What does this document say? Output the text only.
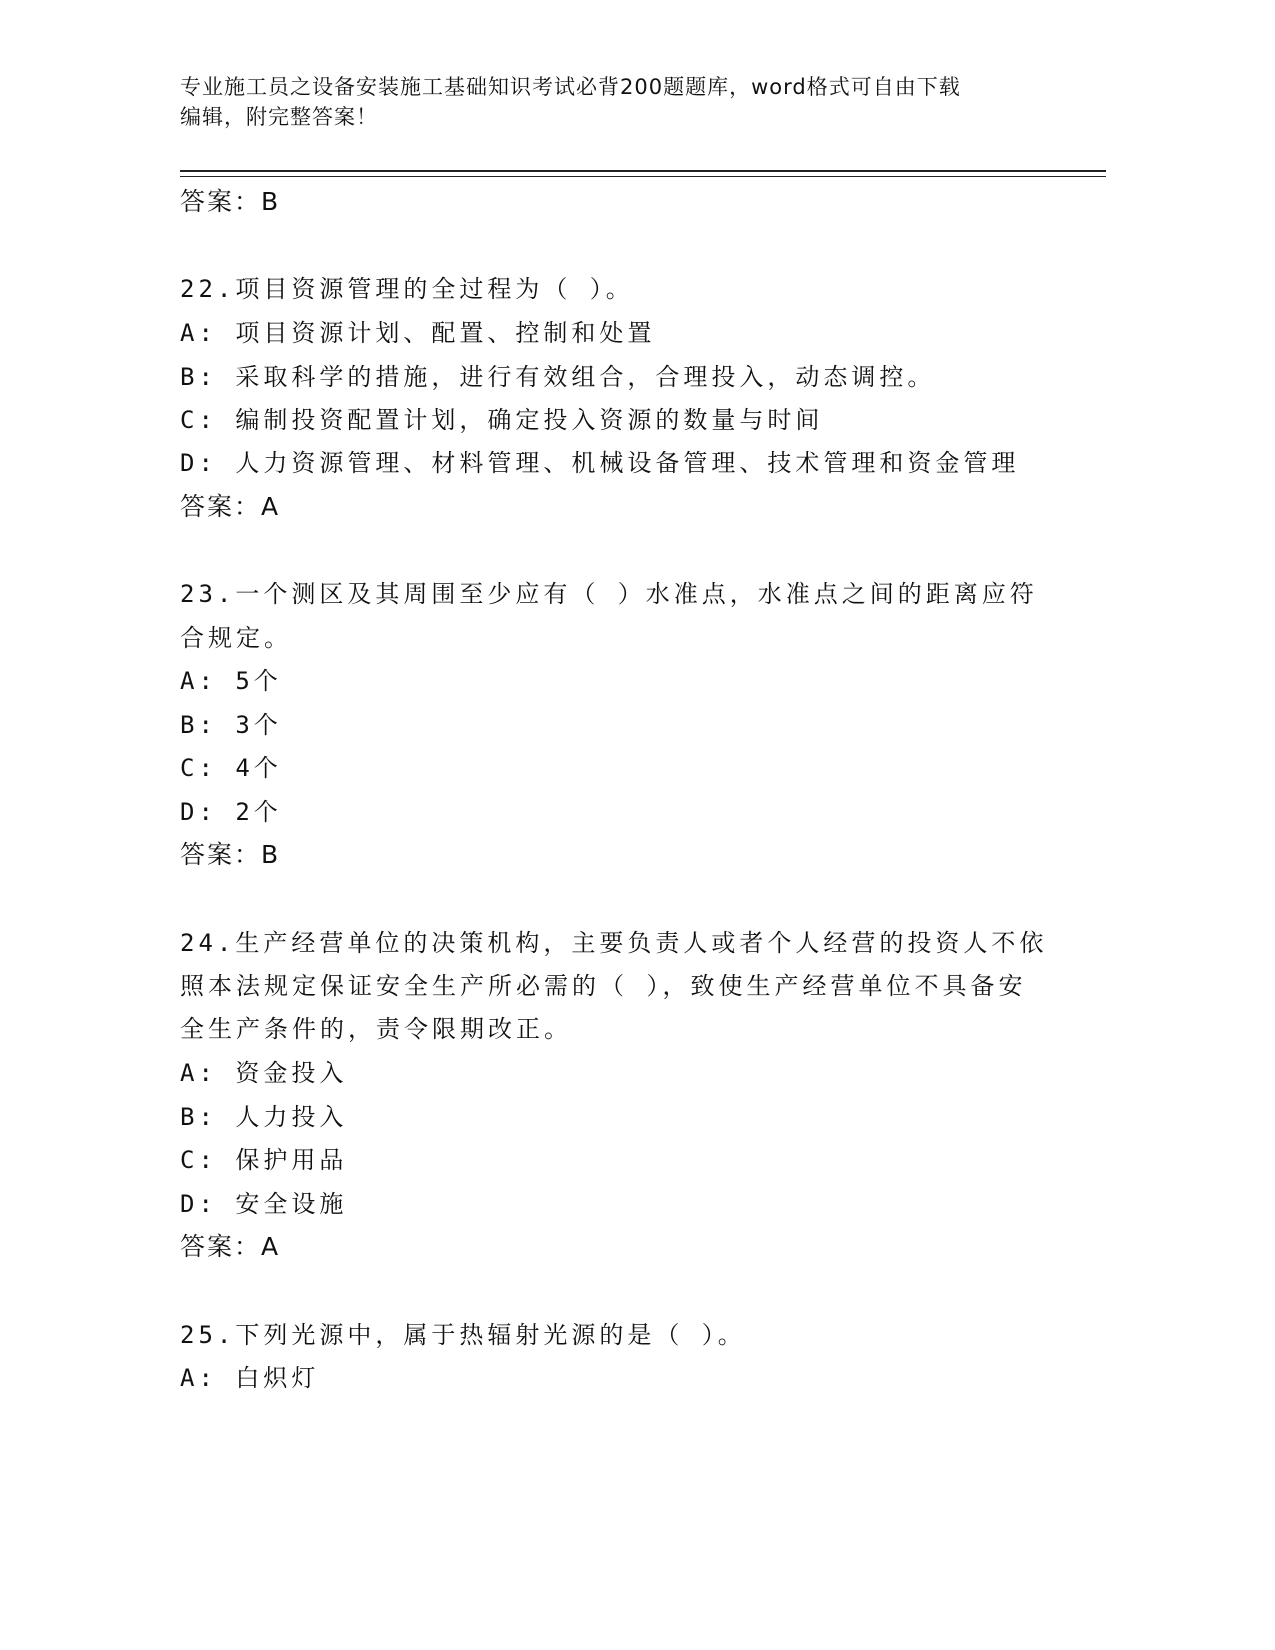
专业施工员之设备安装施工基础知识考试必背200题题库，word格式可自由下载
编辑，附完整答案！
答案：B
22.项目资源管理的全过程为（ ）。
A: 项目资源计划、配置、控制和处置
B: 采取科学的措施，进行有效组合，合理投入，动态调控。
C: 编制投资配置计划，确定投入资源的数量与时间
D: 人力资源管理、材料管理、机械设备管理、技术管理和资金管理
答案：A
23.一个测区及其周围至少应有（ ）水准点，水准点之间的距离应符
合规定。
A: 5个
B: 3个
C: 4个
D: 2个
答案：B
24.生产经营单位的决策机构，主要负责人或者个人经营的投资人不依
照本法规定保证安全生产所必需的（ ），致使生产经营单位不具备安
全生产条件的，责令限期改正。
A: 资金投入
B: 人力投入
C: 保护用品
D: 安全设施
答案：A
25.下列光源中，属于热辐射光源的是（ ）。
A: 白炽灯
